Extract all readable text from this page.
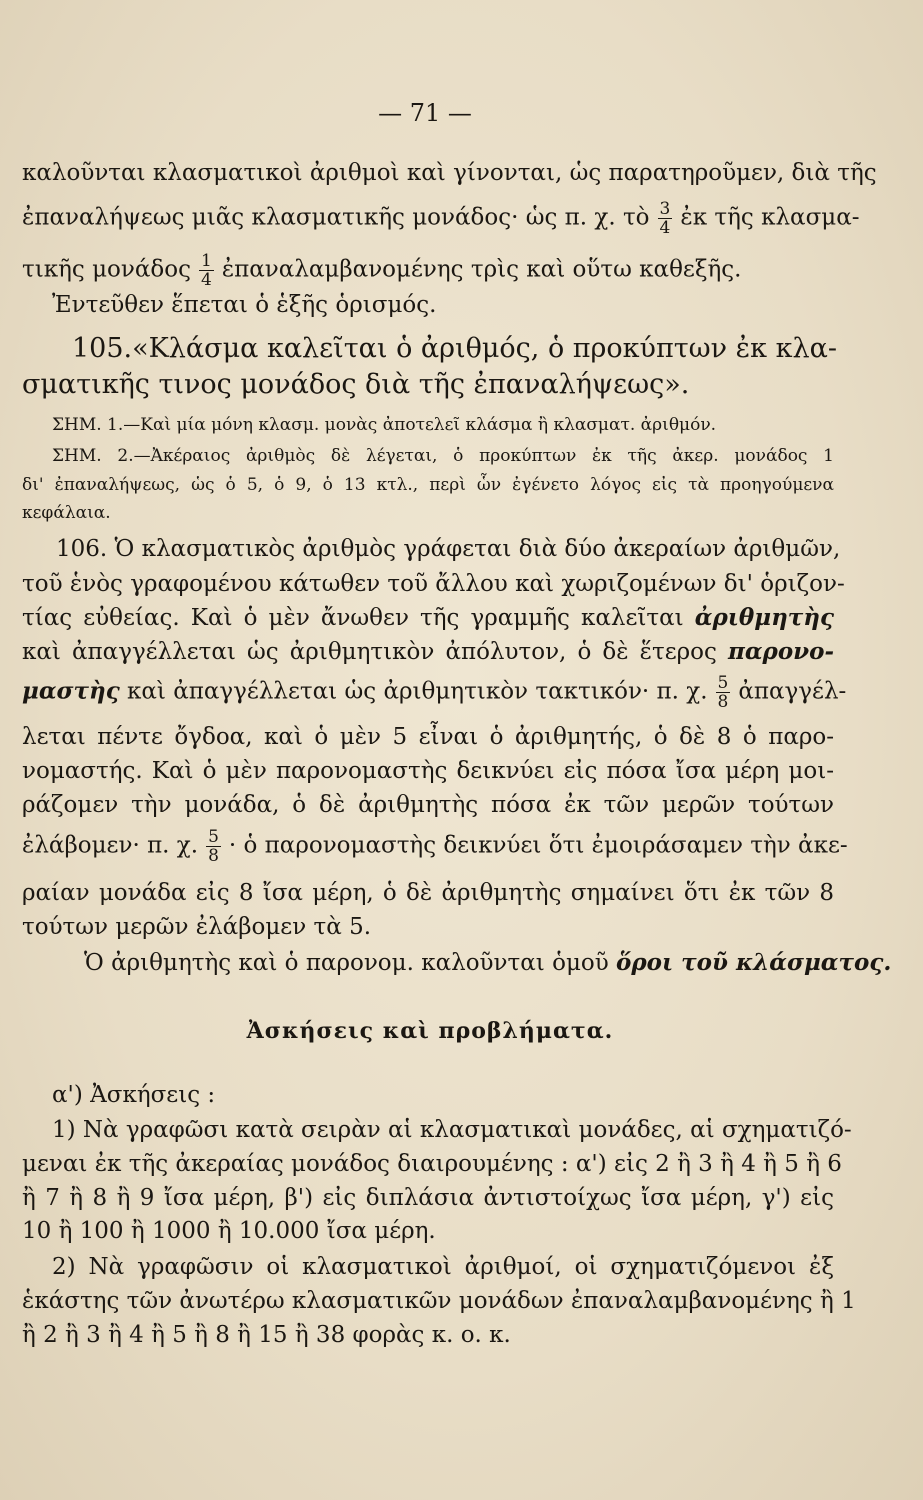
— 71 —
καλοῦνται κλασματικοὶ ἀριθμοὶ καὶ γίνονται, ὡς παρατηροῦμεν, διὰ τῆς
ἐπαναλήψεως μιᾶς κλασματικῆς μονάδος· ὡς π. χ. τὸ $\frac{3}{4}$ ἐκ τῆς κλασμα-
τικῆς μονάδος $\frac{1}{4}$ ἐπαναλαμβανομένης τρὶς καὶ οὕτω καθεξῆς.
Ἐντεῦθεν ἕπεται ὁ ἑξῆς ὁρισμός.
105.«Κλάσμα καλεῖται ὁ ἀριθμός, ὁ προκύπτων ἐκ κλα-
σματικῆς τινος μονάδος διὰ τῆς ἐπαναλήψεως».
ΣΗΜ. 1.—Καὶ μία μόνη κλασμ. μονὰς ἀποτελεῖ κλάσμα ἢ κλασματ. ἀριθμόν.
ΣΗΜ. 2.—Ἀκέραιος ἀριθμὸς δὲ λέγεται, ὁ προκύπτων ἐκ τῆς ἀκερ. μονάδος 1
δι' ἐπαναλήψεως, ὡς ὁ 5, ὁ 9, ὁ 13 κτλ., περὶ ὧν ἐγένετο λόγος εἰς τὰ προηγούμενα
κεφάλαια.
106. Ὁ κλασματικὸς ἀριθμὸς γράφεται διὰ δύο ἀκεραίων ἀριθμῶν,
τοῦ ἑνὸς γραφομένου κάτωθεν τοῦ ἄλλου καὶ χωριζομένων δι' ὁριζον-
τίας εὐθείας. Καὶ ὁ μὲν ἄνωθεν τῆς γραμμῆς καλεῖται ἀριθμητὴς
καὶ ἀπαγγέλλεται ὡς ἀριθμητικὸν ἀπόλυτον, ὁ δὲ ἕτερος παρονο-
μαστὴς καὶ ἀπαγγέλλεται ὡς ἀριθμητικὸν τακτικόν· π. χ. $\frac{5}{8}$ ἀπαγγέλ-
λεται πέντε ὄγδοα, καὶ ὁ μὲν 5 εἶναι ὁ ἀριθμητής, ὁ δὲ 8 ὁ παρο-
νομαστής. Καὶ ὁ μὲν παρονομαστὴς δεικνύει εἰς πόσα ἴσα μέρη μοι-
ράζομεν τὴν μονάδα, ὁ δὲ ἀριθμητὴς πόσα ἐκ τῶν μερῶν τούτων
ἐλάβομεν· π. χ. $\frac{5}{8}$ · ὁ παρονομαστὴς δεικνύει ὅτι ἐμοιράσαμεν τὴν ἀκε-
ραίαν μονάδα εἰς 8 ἴσα μέρη, ὁ δὲ ἀριθμητὴς σημαίνει ὅτι ἐκ τῶν 8
τούτων μερῶν ἐλάβομεν τὰ 5.
Ὁ ἀριθμητὴς καὶ ὁ παρονομ. καλοῦνται ὁμοῦ ὅροι τοῦ κλάσματος.
Ἀσκήσεις καὶ προβλήματα.
α') Ἀσκήσεις :
1) Νὰ γραφῶσι κατὰ σειρὰν αἱ κλασματικαὶ μονάδες, αἱ σχηματιζό-
μεναι ἐκ τῆς ἀκεραίας μονάδος διαιρουμένης : α') εἰς 2 ἢ 3 ἢ 4 ἢ 5 ἢ 6
ἢ 7 ἢ 8 ἢ 9 ἴσα μέρη, β') εἰς διπλάσια ἀντιστοίχως ἴσα μέρη, γ') εἰς
10 ἢ 100 ἢ 1000 ἢ 10.000 ἴσα μέρη.
2) Νὰ γραφῶσιν οἱ κλασματικοὶ ἀριθμοί, οἱ σχηματιζόμενοι ἐξ
ἑκάστης τῶν ἀνωτέρω κλασματικῶν μονάδων ἐπαναλαμβανομένης ἢ 1
ἢ 2 ἢ 3 ἢ 4 ἢ 5 ἢ 8 ἢ 15 ἢ 38 φορὰς κ. ο. κ.
